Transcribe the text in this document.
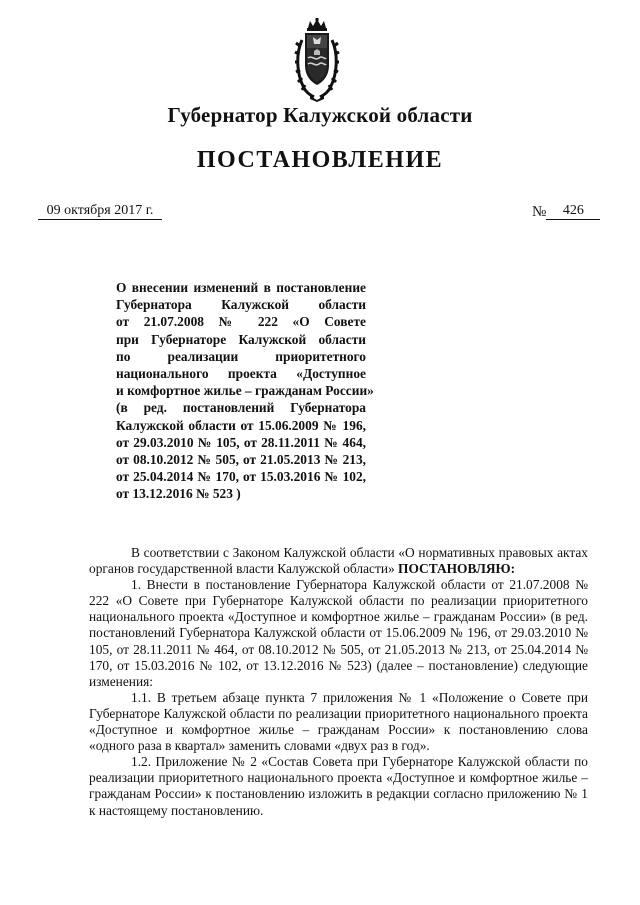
Губернатор Калужской области
ПОСТАНОВЛЕНИЕ
09 октября 2017 г.	№ 426
О внесении изменений в постановление
Губернатора Калужской области
от 21.07.2008 № 222 «О Совете
при Губернаторе Калужской области
по реализации приоритетного
национального проекта «Доступное
и комфортное жилье – гражданам России»
(в ред. постановлений Губернатора
Калужской области от 15.06.2009 № 196,
от 29.03.2010 № 105, от 28.11.2011 № 464,
от 08.10.2012 № 505, от 21.05.2013 № 213,
от 25.04.2014 № 170, от 15.03.2016 № 102,
от 13.12.2016 № 523 )

В соответствии с Законом Калужской области «О нормативных правовых актах органов государственной власти Калужской области» ПОСТАНОВЛЯЮ:

1. Внести в постановление Губернатора Калужской области от 21.07.2008 № 222 «О Совете при Губернаторе Калужской области по реализации приоритетного национального проекта «Доступное и комфортное жилье – гражданам России» (в ред. постановлений Губернатора Калужской области от 15.06.2009 № 196, от 29.03.2010 № 105, от 28.11.2011 № 464, от 08.10.2012 № 505, от 21.05.2013 № 213, от 25.04.2014 № 170, от 15.03.2016 № 102, от 13.12.2016 № 523) (далее – постановление) следующие изменения:

1.1. В третьем абзаце пункта 7 приложения № 1 «Положение о Совете при Губернаторе Калужской области по реализации приоритетного национального проекта «Доступное и комфортное жилье – гражданам России» к постановлению слова «одного раза в квартал» заменить словами «двух раз в год».

1.2. Приложение № 2 «Состав Совета при Губернаторе Калужской области по реализации приоритетного национального проекта «Доступное и комфортное жилье – гражданам России» к постановлению изложить в редакции согласно приложению № 1 к настоящему постановлению.
